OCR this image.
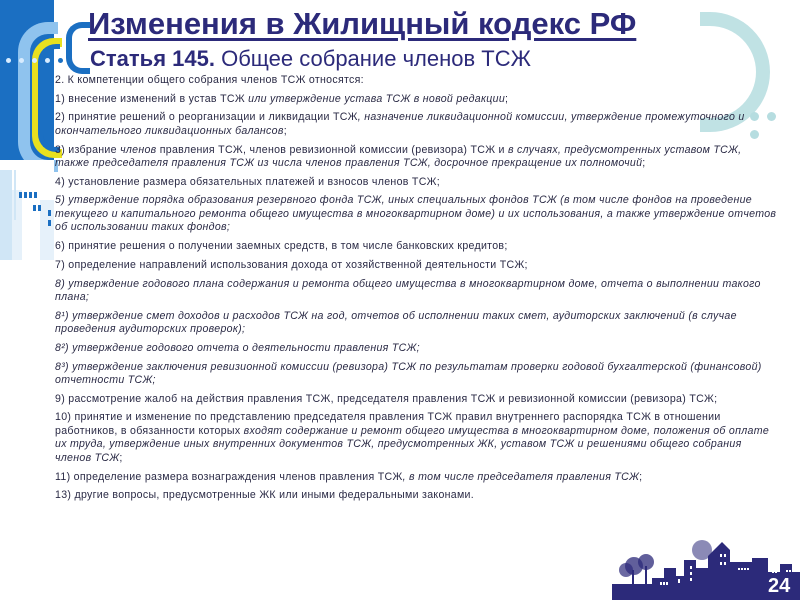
Изменения в Жилищный кодекс РФ
Статья 145. Общее собрание членов ТСЖ

2. К компетенции общего собрания членов ТСЖ относятся:

1) внесение изменений в устав ТСЖ или утверждение устава ТСЖ в новой редакции;

2) принятие решений о реорганизации и ликвидации ТСЖ, назначение ликвидационной комиссии, утверждение промежуточного и окончательного ликвидационных балансов;

3) избрание членов правления ТСЖ, членов ревизионной комиссии (ревизора) ТСЖ и в случаях, предусмотренных уставом ТСЖ, также председателя правления ТСЖ из числа членов правления ТСЖ, досрочное прекращение их полномочий;

4) установление размера обязательных платежей и взносов членов ТСЖ;

5) утверждение порядка образования резервного фонда ТСЖ, иных специальных фондов ТСЖ (в том числе фондов на проведение текущего и капитального ремонта общего имущества в многоквартирном доме) и их использования, а также утверждение отчетов об использовании таких фондов;

6) принятие решения о получении заемных средств, в том числе банковских кредитов;

7) определение направлений использования дохода от хозяйственной деятельности ТСЖ;

8) утверждение годового плана содержания и ремонта общего имущества в многоквартирном доме, отчета о выполнении такого плана;

8¹) утверждение смет доходов и расходов ТСЖ на год, отчетов об исполнении таких смет, аудиторских заключений (в случае проведения аудиторских проверок);

8²) утверждение годового отчета о деятельности правления ТСЖ;

8³) утверждение заключения ревизионной комиссии (ревизора) ТСЖ по результатам проверки годовой бухгалтерской (финансовой) отчетности ТСЖ;

9) рассмотрение жалоб на действия правления ТСЖ, председателя правления ТСЖ и ревизионной комиссии (ревизора) ТСЖ;

10) принятие и изменение по представлению председателя правления ТСЖ правил внутреннего распорядка ТСЖ в отношении работников, в обязанности которых входят содержание и ремонт общего имущества в многоквартирном доме, положения об оплате их труда, утверждение иных внутренних документов ТСЖ, предусмотренных ЖК, уставом ТСЖ и решениями общего собрания членов ТСЖ;

11) определение размера вознаграждения членов правления ТСЖ, в том числе председателя правления ТСЖ;

13) другие вопросы, предусмотренные ЖК или иными федеральными законами.

24
